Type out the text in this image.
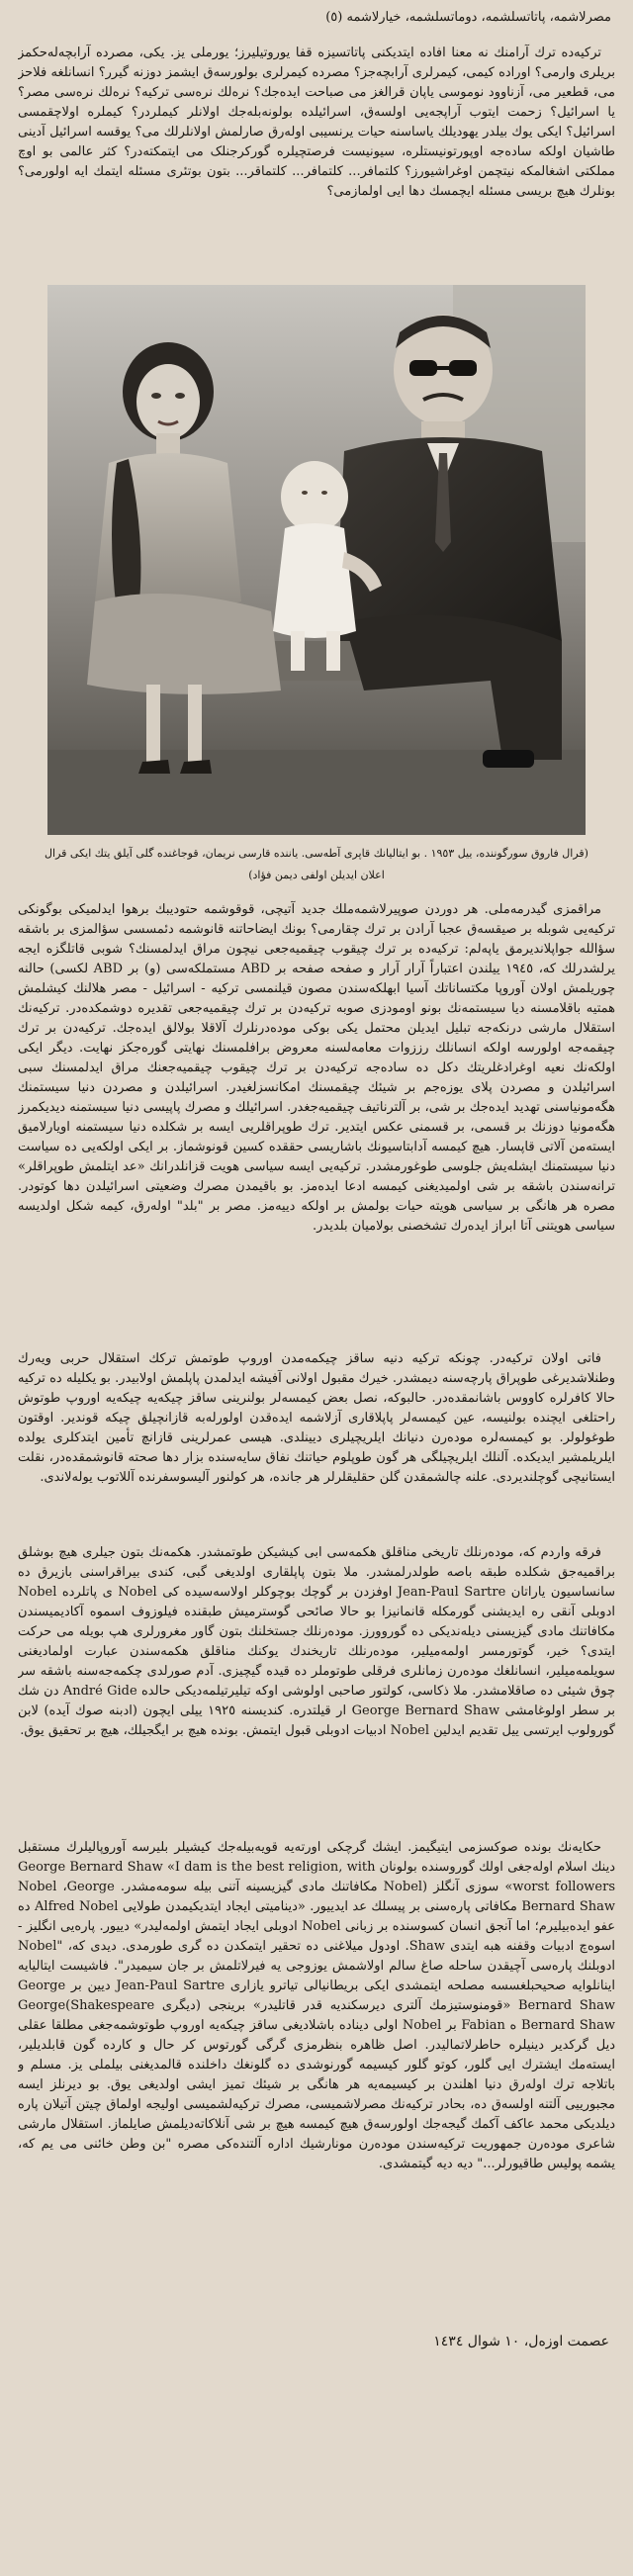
مصرلاشمه، پاتاتسلشمه، دوماتسلشمه، خیارلاشمه (٥)
ترکیەدە ترك آرامنك نە معنا افادە ایتدیکنی پاتاتسیزه قفا یوروتیلیرز؛ یورملی یز. یکی، مصرده آرابچەلەحکمز بریلری وارمی؟ اوراده کیمی، کیمرلری آرابچەجز؟ مصرده کیمرلری بولورسەق ایشمز دوزنه گیرر؟ انسانلغه فلاحز می، قطعیر می، آزناوود نوموسی یاپان قرالغز می صباحت ایدەجك؟ نرەلك نرەسی ترکیه؟ نرەلك نرەسی مصر؟ یا اسرائیل؟ زحمت ایتوب آراپجەیی اولسەق، اسرائیلده بولونەبلەجك اولانلر کیملردر؟ کیملره اولاچقمسی اسرائیل؟ ایکی یوك بیلدر یهودیلك یاساسنه حیات یرنسیبی اولەرق صارلمش اولانلرلك می؟ یوقسه اسرائیل آدینی طاشیان اولکه ساده‌جه اوپورتونیستلره، سیونیست فرصتچیلره گورکرجنلک می ایتمکتەدر؟ کثر عالمی بو اوچ مملکتی اشغالمکه نیتچمن اوغراشیورز؟ کلتمافر... کلتمافر... کلتماقر... بتون بوتئری مسئله ایتمك ایه اولورمی؟ بونلرك هیچ بریسی مسئله ایچمسك دها ایی اولمازمی؟
(قرال فاروق سورگوننده، ییل ١٩٥٣ . بو ایتالیانك قاپری آطەسی. یانندە قارسی نریمان، قوجاغنده گلی آیلق یتك ایکی قرال اعلان ایدیلن اولفی دیمن فؤاد)
مراقمزی گیدرمەملی. هر دوردن صوپیرلاشمەملك جدید آتیچی، قوقوشمه حتودیبك برهوا ایدلمیکی بوگونکی ترکیەیی شوبله بر صیقسەق عجبا آرادن بر ترك چقارمی؟ بونك ایضاحاتنه قانوشمه دئمسسی سؤالمزی بر باشقه سؤالله جواپلاندیرمق یاپەلم: ترکیه‌ده بر ترك چیقوب چیقمیەجعی نیچون مراق ایدلمسنك؟ شوبی قاتلگزه ایجه یرلشدرلك که، ١٩٤٥ ییلندن اعتباراً آرار آرار و صفحه صفحه بر ABD مستملکەسی (و) بر ABD لکسی) حالنه چوریلمش اولان آوروپا مکتساناتك آسیا ابهلکەسندن مصون قیلنمسی ترکیه - اسرائیل - مصر هلالنك کیشلمش همتیه باقلامسنه دیا سیستمەنك بونو اومودزی صوبه ترکیه‌دن بر ترك چیقمیەجعی تقدیره دوشمکدەدر. ترکیه‌نك استقلال مارشی درنکەجه تبلیل ایدیلن محتمل یکی بوکی مودەدرنلرك آلاقلا بولالق ایدەجك. ترکیه‌دن بر ترك چیقمەجه اولورسه اولکه انسانلك رززوات معامەلسنه معروض برافلمسنك نهایتی گورەجکز نهایت. دیگر ایکی اولکەنك نعیه اوغرادغلریتك دکل ده ساده‌جه ترکیه‌دن بر ترك چیقوب چیقمیەجعنك مراق ایدلمسنك سبی اسرائیلدن و مصردن پلای یوزەجم بر شیئك چیقمسنك امکانسزلغیدر. اسرائیلدن و مصردن دنیا سیستمنك هگەمونیاسنی تهدید ایدەجك بر شی، بر آلترناتیف چیقمیەجغدر. اسرائیلك و مصرك پاپیسی دنیا سیستمنه دیدیکمرز هگەمونیا دوزنك بر قسمی، بر قسمنی عکس ایتدیر. ترك طوپراقلریی ایسه بر شکلده دنیا سیستمنه اویارلامیق ایستەمن آلاتی قاپسار. هیچ کیمسه آدابتاسیونك باشاریسی حققده کسین قونوشماز. بر ایکی اولکه‌یی ده سیاست دنیا سیستمنك ایشلەیش جلوسی طوغورمشدر. ترکیه‌یی ایسه سیاسی هویت قزانلدرانك «عد ایتلمش طوپراقلر» ترانەسندن باشقه بر شی اولمیدیغنی کیمسه ادعا ایدەمز. بو باقیمدن مصرك وضعیتی اسرائیلدن دها کوتودر. مصره هر هانگی بر سیاسی هویته حیات بولمش بر اولکه دییەمز. مصر بر "بلد" اولەرق، کیمه شکل اولدیسه سیاسی هویتنی آتا ابراز ایدەرك تشخصنی بولامیان بلدیدر.
فاتی اولان ترکیەدر. چونکه ترکیه دنیه ساقز چیکمەمدن اوروپ طوتمش ترکك استقلال حربی ویەرك وطنلاشدیرغی طوپراق پارچەسنه دیمشدر. خیرك مقبول اولانی آفیشه ایدلمدن پاپلمش اولابیدر. بو یکلیله ده ترکیه حالا کافرلره کاووس باشانمقدەدر. حالبوکه، نصل بعض کیمسەلر بولنرینی ساقز چیکەیه چیکەیه اوروپ طوتوش راحتلغی ایچنده بولنیسه، عین کیمسەلر پاپلاقاری آزلاشمه ایده‌قدن اولورلەبه قازانچیلق چیکه قوندیر. اوقتون طوغولولر. بو کیمسەلره مودەرن دنیانك ایلریچیلری دیینلدی. هیسی عمرلرینی قازانچ تأمین ایتدکلری یولده ایلریلمشیر ایدیکده. آلنلك ایلریچیلگی هر گون طوپلوم حیاتنك نفاق سایەسنده بزار دها صحته قانوشمقدەدر، نقلت ایستانیچی گوچلندیردی. علنه چالشمقدن گلن حقلیقلرلر هر جانده، هر کولنور آلیسوسفرنده آللاتوب یولەلاندی.
فرقه واردم که، مودەرنلك تاریخی مناقلق هکمەسی ابی کیشیکن طوتمشدر. هکمەنك بتون جیلری هیچ بوشلق براقمیەجق شکلده طبقه باصه طولدرلمشدر. ملا بتون پاپلقاری اولدیغی گبی، کندی بیراقراسنی بازیرق ده سانساسیون یاراتان Jean-Paul Sartre اوفزدن بر گوچك بوچوکلر اولاسەسیده کی Nobel ی پاتلرده Nobel ادوبلی آنقی ره ایدیشنی گورمکله قانمانیزا بو حالا صائحی گوسترمیش طبقنده فیلوزوف اسموه آکادیمیسندن مکافاتنك مادی گیزیسنی دیلەندیکی ده گوروورز. مودەرنلك جستخلنك بتون گاور مغرورلری هپ بویله می حرکت ایتدی؟ خیر، گوتورمسر اولمەمیلیر، مودەرنلك تاریخندك یوکنك مناقلق هکمەسندن عبارت اولمادیغنی سویلمەمیلیر، انسانلغك مودەرن زمانلری فرقلی طوتوملر ده قیده گیچیزی. آدم صورلدی چکمەجەسنه باشقه سر چوق شیئی ده صاقلامشدر. ملا ذکاسی، کولتور صاحبی اولوشی اوکه تیلیرتیلمەدیکی حالده André Gide دن شك بر سطر اولوغامشی George Bernard Shaw ار قیلتدره. کندیسنه ١٩٢٥ ییلی ایچون (ادبنه صوك آیده) لابن گورولوب ایرتسی ییل تقدیم ایدلین Nobel ادبیات ادوبلی قبول ایتمش. بونده هیچ بر ایگجیلك، هیچ بر تحقیق یوق.
حکایه‌نك بونده صوکسزمی ایتیگیمز. ایشك گرچکی اورتەیه قویەبیلەجك کیشیلر بلیرسه آوروپالیلرك مستقبل دینك اسلام اولەجغی اولك گوروسنده بولونان George Bernard Shaw «I dam is the best religion, with worst followers» سوزی آنگلز (Nobel مکافاتنك مادی گیزیسینه آتنی بیله سومەمشدر. Nobel ،George Bernard Shaw مکافاتی پارەسنی بر پیسلك عد ایدییور. «دینامیتی ایجاد ایتدیکیمدن طولایی Alfred Nobel ده عفو ایدەبیلیرم؛ اما آنجق انسان کسوسنده بر زبانی Nobel ادوبلی ایجاد ایتمش اولمەلیدر» دییور. پارەیی انگلیز - اسوەچ ادبیات وقفنه هبه ایتدی Shaw. اودول میلاغنی ده تحقیر ایتمکدن ده گری طورمدی. دیدی که، "Nobel ادوبلنك پارەسی آچیقدن ساحله صاغ سالم اولاشمش یوزوجی یه فیرلاتلمش بر جان سیمیدر". فاشیست ایتالیایه اینانلوایه صحیحبلغسسه مصلحه ایتمشدی ایکی بریطانیالی تیاترو یازاری Jean-Paul Sartre دیین بر George Bernard Shaw «قومنوستیزمك آلتری دیرسکندیه قدر قاتلیدر» برینجی (دیگری Shakespeare)George Bernard Shaw ه Fabian بر Nobel اولی دیناده باشلادیغی ساقز چیکەیه اوروپ طوتوشمەجغی مطلقا عقلی دیل گرکدیر دینیلره حاطرلاتمالیدر. اصل ظاهره بنظرمزی گرگی گورتوس کر حال و کارده گون قابلدیلیر، ایستەمك ایشترك ایی گلور، کوتو گلور کیسیمه گورنوشدی ده گلونغك داخلنده قالمدیغنی بیلملی یز. مسلم و باتلاجه ترك اولەرق دنیا اهلندن بر کیسیمه‌یه هر هانگی بر شیئك تمیز ايشی اولدیغی یوق. بو دیرنلز ایسه مجبورییی آلتنه اولسەق ده، بحادر ترکیەنك مصرلاشمیسی، مصرك ترکیەلشمیسی اولیجه اولماق چیتن آتیلان پاره دیلدیکی محمد عاكف آکمك گیجەجك اولورسەق هیچ کیمسه هیچ بر شی آنلاکاتەدیلمش صایلماز. استقلال مارشی شاعری مودەرن جمهوریت ترکیەسندن مودەرن مونارشیك ادارە آلتندەکی مصره "بن وطن خائنی می یم که، یشمه پولیس طاقیورلر..." دیه دیه گیتمشدی.
عصمت اوزەل، ١٠ شوال ١٤٣٤
